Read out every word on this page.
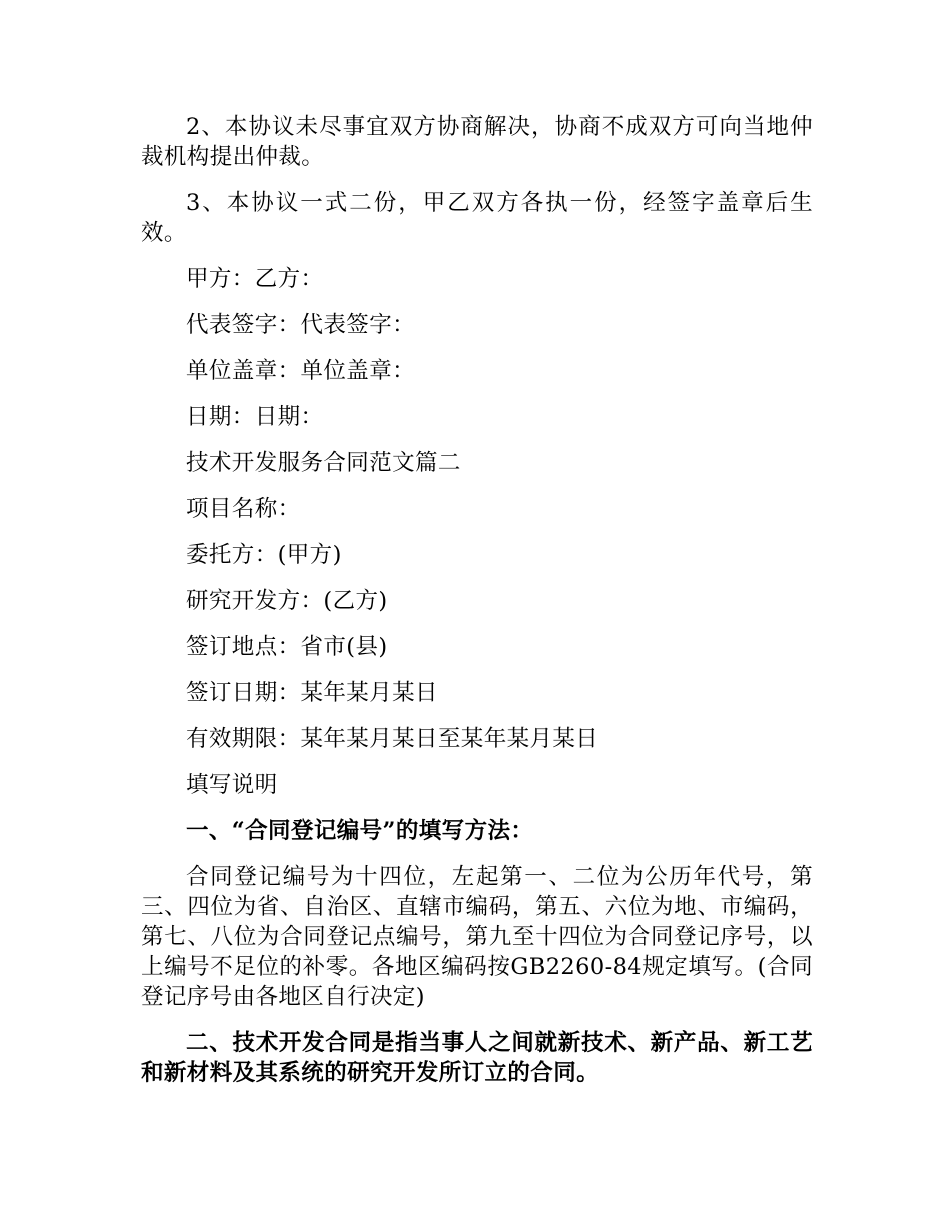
2、本协议未尽事宜双方协商解决，协商不成双方可向当地仲裁机构提出仲裁。

3、本协议一式二份，甲乙双方各执一份，经签字盖章后生效。

甲方：乙方：

代表签字：代表签字：

单位盖章：单位盖章：

日期：日期：

技术开发服务合同范文篇二

项目名称：

委托方：(甲方)

研究开发方：(乙方)

签订地点：省市(县)

签订日期：某年某月某日

有效期限：某年某月某日至某年某月某日

填写说明

一、“合同登记编号”的填写方法：

合同登记编号为十四位，左起第一、二位为公历年代号，第三、四位为省、自治区、直辖市编码，第五、六位为地、市编码，第七、八位为合同登记点编号，第九至十四位为合同登记序号，以上编号不足位的补零。各地区编码按GB2260-84规定填写。(合同登记序号由各地区自行决定)

二、技术开发合同是指当事人之间就新技术、新产品、新工艺和新材料及其系统的研究开发所订立的合同。
